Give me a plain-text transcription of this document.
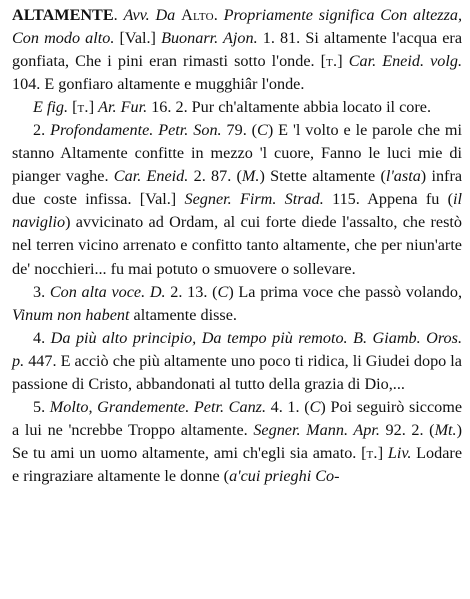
ALTAMENTE. Avv. Da Alto. Propriamente significa Con altezza, Con modo alto. [Val.] Buonarr. Ajon. 1. 81. Si altamente l'acqua era gonfiata, Che i pini eran rimasti sotto l'onde. [t.] Car. Eneid. volg. 104. E gonfiaro altamente e mugghiâr l'onde.

E fig. [t.] Ar. Fur. 16. 2. Pur ch'altamente abbia locato il core.

2. Profondamente. Petr. Son. 79. (C) E 'l volto e le parole che mi stanno Altamente confitte in mezzo 'l cuore, Fanno le luci mie di pianger vaghe. Car. Eneid. 2. 87. (M.) Stette altamente (l'asta) infra due coste infissa. [Val.] Segner. Firm. Strad. 115. Appena fu (il naviglio) avvicinato ad Ordam, al cui forte diede l'assalto, che restò nel terren vicino arrenato e confitto tanto altamente, che per niun'arte de' nocchieri... fu mai potuto o smuovere o sollevare.

3. Con alta voce. D. 2. 13. (C) La prima voce che passò volando, Vinum non habent altamente disse.

4. Da più alto principio, Da tempo più remoto. B. Giamb. Oros. p. 447. E acciò che più altamente uno poco ti ridica, li Giudei dopo la passione di Cristo, abbandonati al tutto della grazia di Dio,...

5. Molto, Grandemente. Petr. Canz. 4. 1. (C) Poi seguirò siccome a lui ne 'ncrebbe Troppo altamente. Segner. Mann. Apr. 92. 2. (Mt.) Se tu ami un uomo altamente, ami ch'egli sia amato. [t.] Liv. Lodare e ringraziare altamente le donne (a'cui prieghi Co-
